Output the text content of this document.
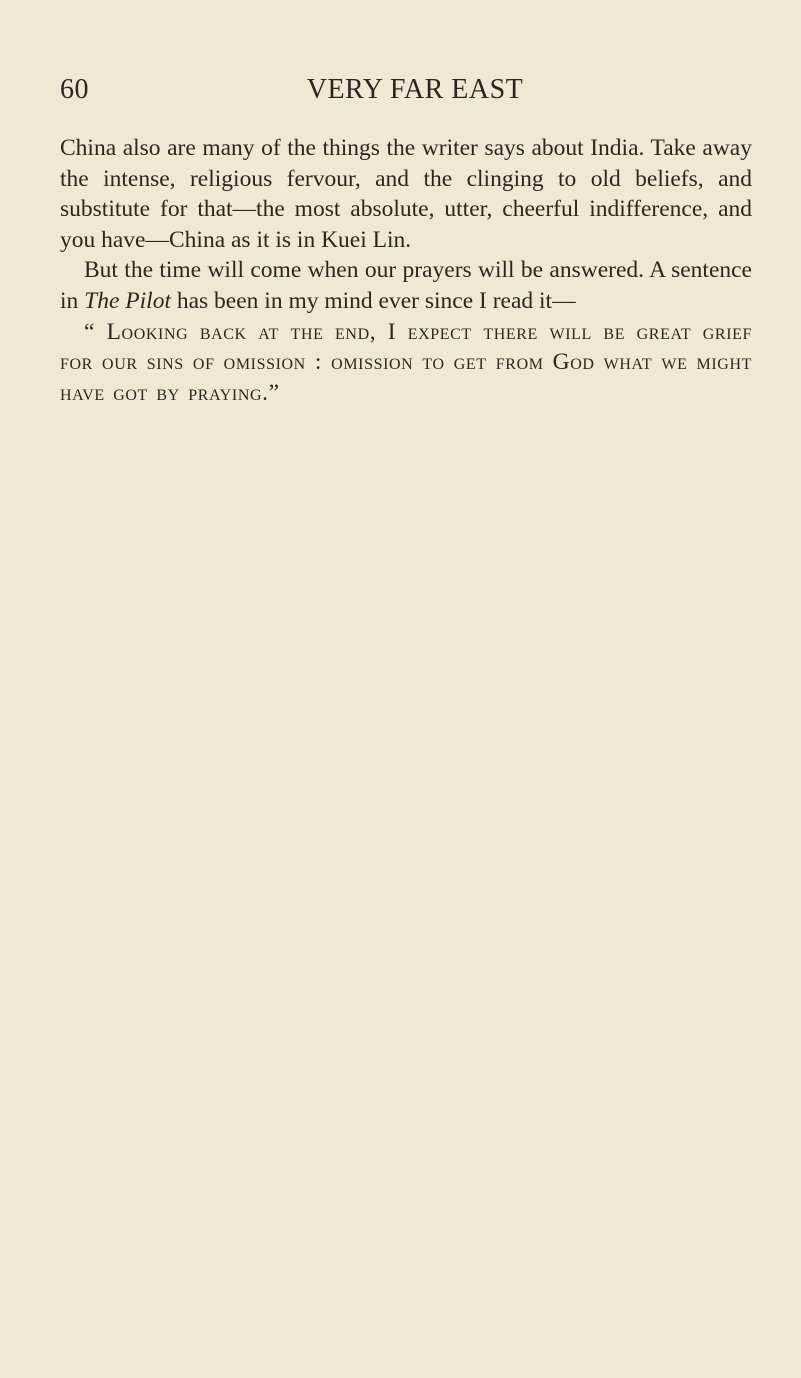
60	VERY FAR EAST

China also are many of the things the writer says about India. Take away the intense, religious fervour, and the clinging to old beliefs, and substitute for that—the most absolute, utter, cheerful indifference, and you have—China as it is in Kuei Lin.

But the time will come when our prayers will be answered. A sentence in The Pilot has been in my mind ever since I read it—

“ Looking back at the end, I expect there will be great grief for our sins of omission : omission to get from God what we might have got by praying.”
